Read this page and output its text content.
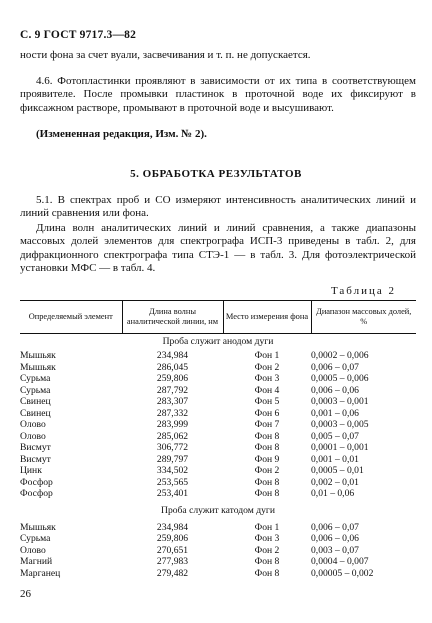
С. 9 ГОСТ 9717.3—82
ности фона за счет вуали, засвечивания и т. п. не допускается.
4.6. Фотопластинки проявляют в зависимости от их типа в соответствующем проявителе. После промывки пластинок в проточной воде их фиксируют в фиксажном растворе, промывают в проточной воде и высушивают.
(Измененная редакция, Изм. № 2).
5. ОБРАБОТКА РЕЗУЛЬТАТОВ
5.1. В спектрах проб и СО измеряют интенсивность аналитических линий и линий сравнения или фона.
Длина волн аналитических линий и линий сравнения, а также диапазоны массовых долей элементов для спектрографа ИСП-3 приведены в табл. 2, для дифракционного спектрографа типа СТЭ-1 — в табл. 3. Для фотоэлектрической установки МФС — в табл. 4.
Таблица 2
Определяемый элемент	Длина волны аналитической линии, нм	Место измерения фона	Диапазон массовых долей, %
Проба служит анодом дуги			
Мышьяк	234,984	Фон 1	0,0002 – 0,006
Мышьяк	286,045	Фон 2	0,006 – 0,07
Сурьма	259,806	Фон 3	0,0005 – 0,006
Сурьма	287,792	Фон 4	0,006 – 0,06
Свинец	283,307	Фон 5	0,0003 – 0,001
Свинец	287,332	Фон 6	0,001 – 0,06
Олово	283,999	Фон 7	0,0003 – 0,005
Олово	285,062	Фон 8	0,005 – 0,07
Висмут	306,772	Фон 8	0,0001 – 0,001
Висмут	289,797	Фон 9	0,001 – 0,01
Цинк	334,502	Фон 2	0,0005 – 0,01
Фосфор	253,565	Фон 8	0,002 – 0,01
Фосфор	253,401	Фон 8	0,01 – 0,06
Проба служит катодом дуги			
Мышьяк	234,984	Фон 1	0,006 – 0,07
Сурьма	259,806	Фон 3	0,006 – 0,06
Олово	270,651	Фон 2	0,003 – 0,07
Магний	277,983	Фон 8	0,0004 – 0,007
Марганец	279,482	Фон 8	0,00005 – 0,002
26
